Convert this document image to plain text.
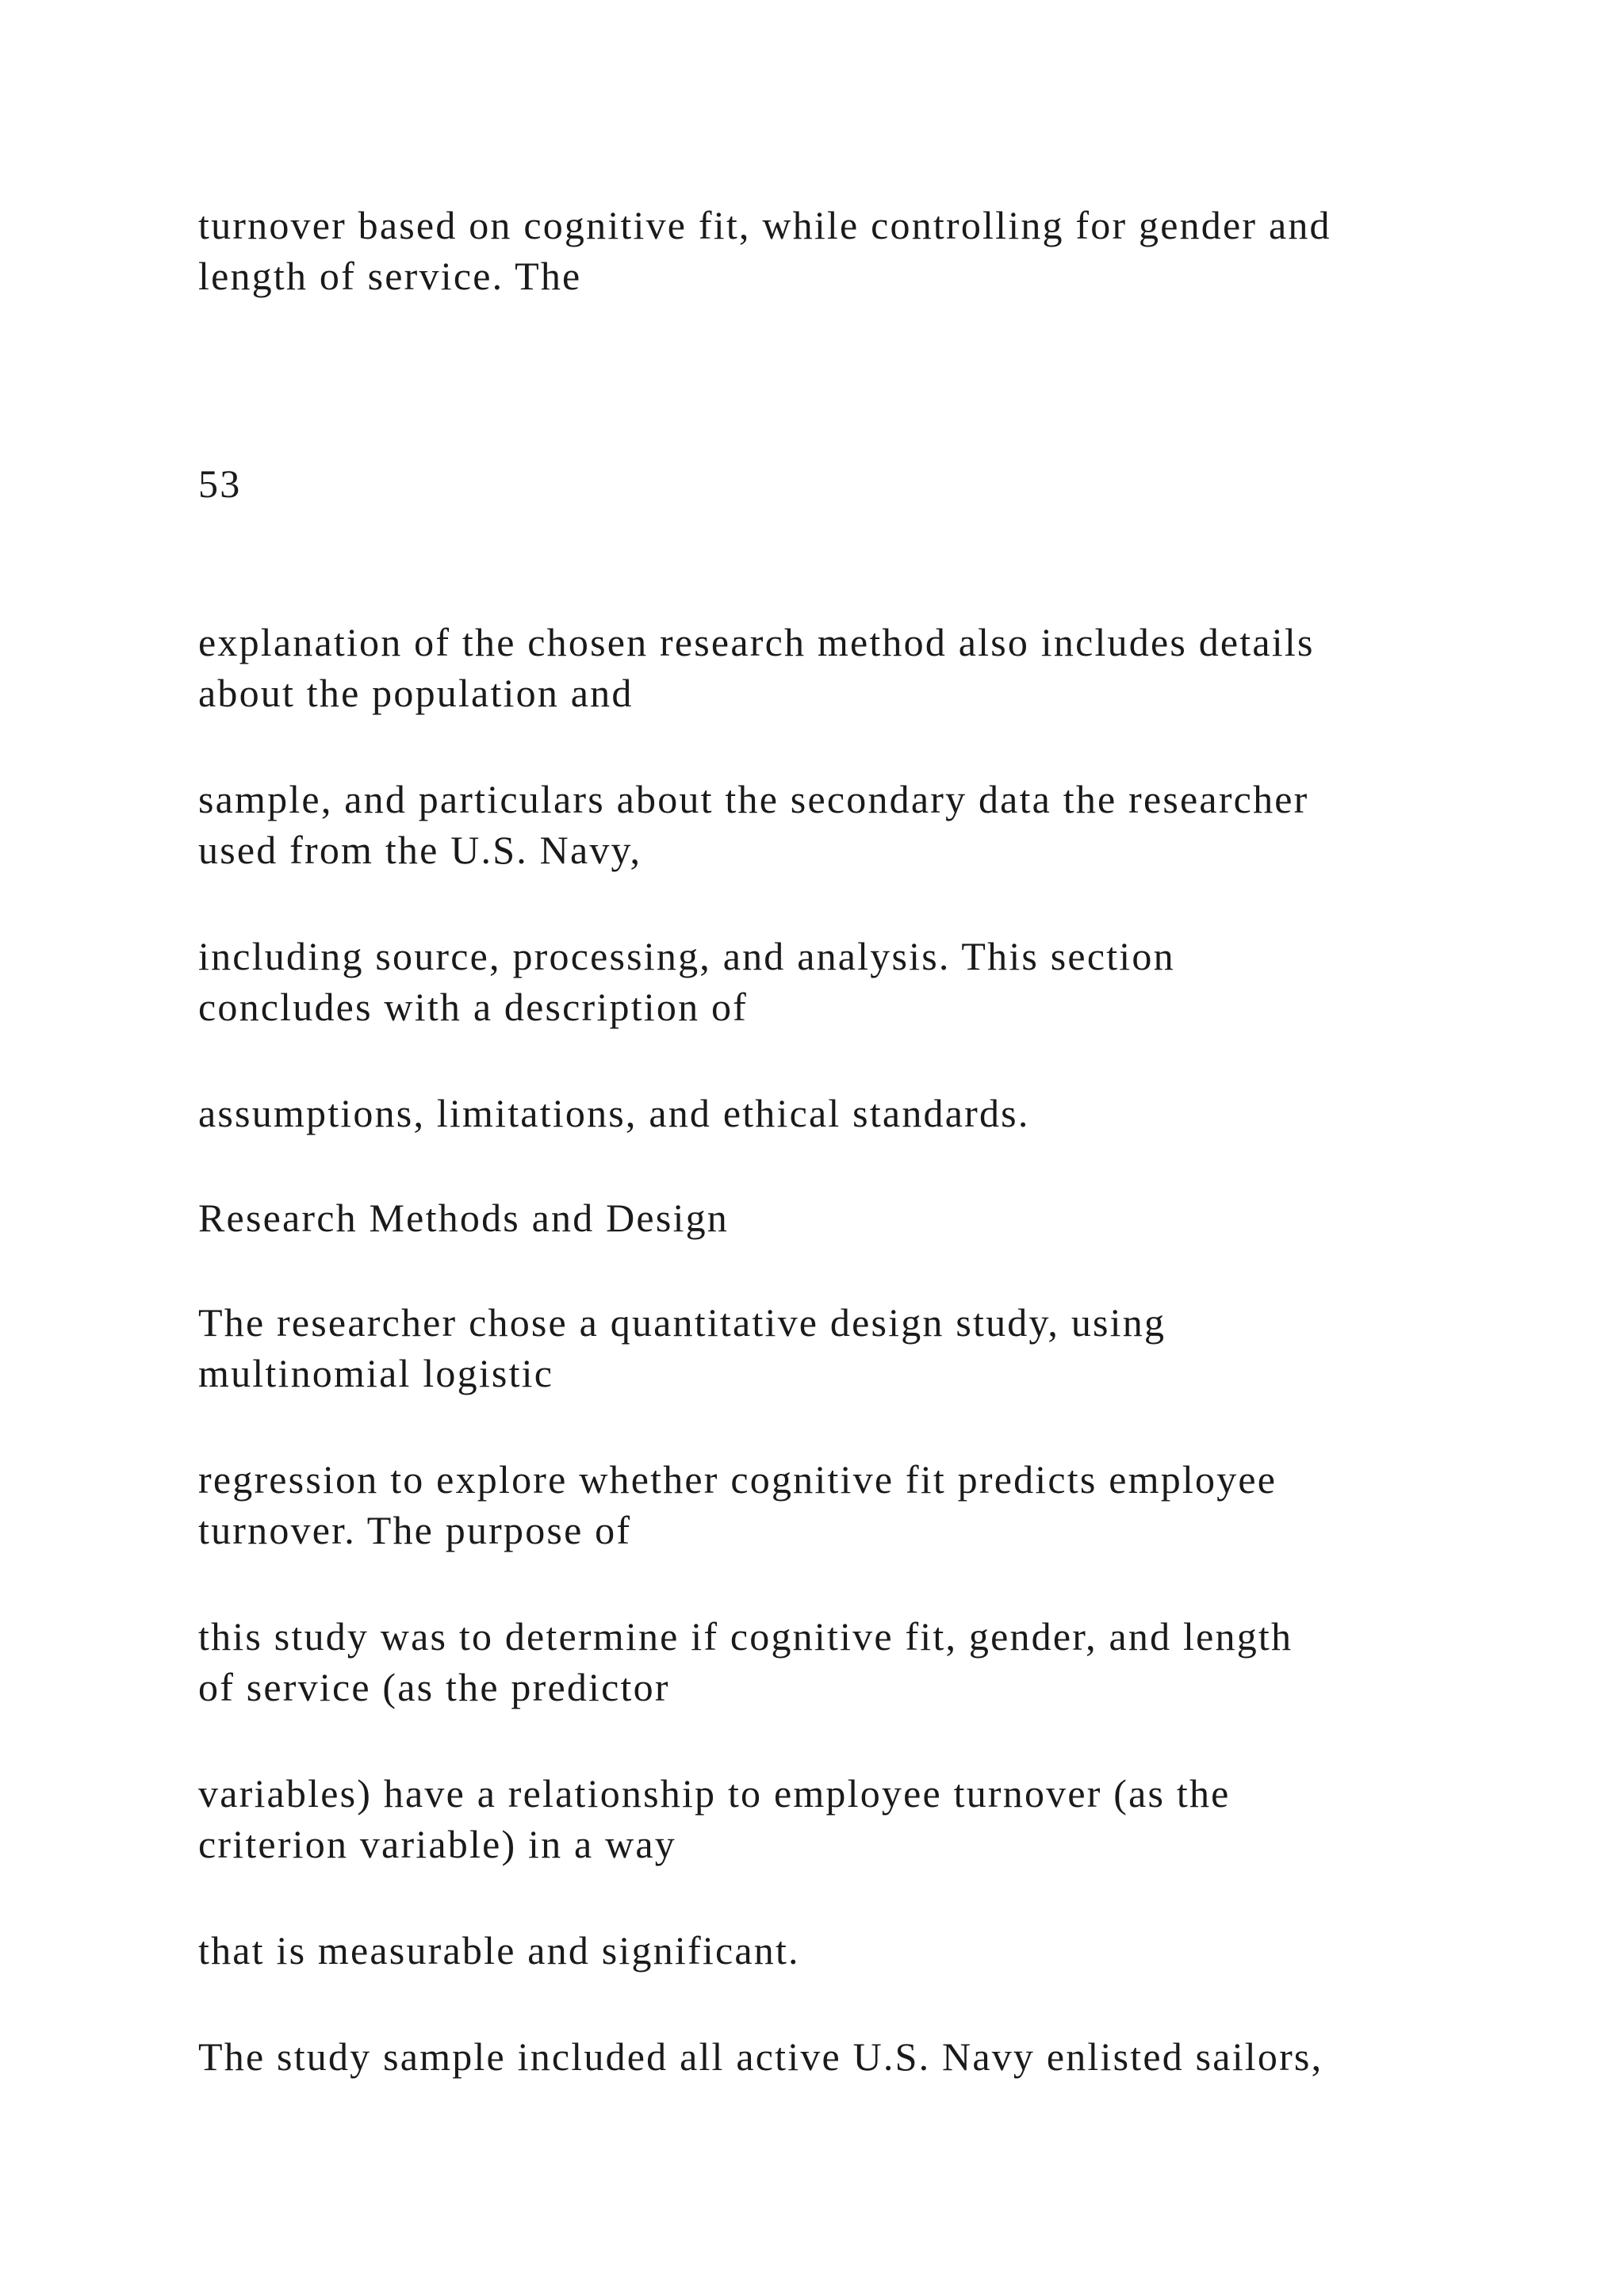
turnover based on cognitive fit, while controlling for gender and

length of service. The

53

explanation of the chosen research method also includes details

about the population and

sample, and particulars about the secondary data the researcher

used from the U.S. Navy,

including source, processing, and analysis. This section

concludes with a description of

assumptions, limitations, and ethical standards.

Research Methods and Design

The researcher chose a quantitative design study, using

multinomial logistic

regression to explore whether cognitive fit predicts employee

turnover. The purpose of

this study was to determine if cognitive fit, gender, and length

of service (as the predictor

variables) have a relationship to employee turnover (as the

criterion variable) in a way

that is measurable and significant.

The study sample included all active U.S. Navy enlisted sailors,
